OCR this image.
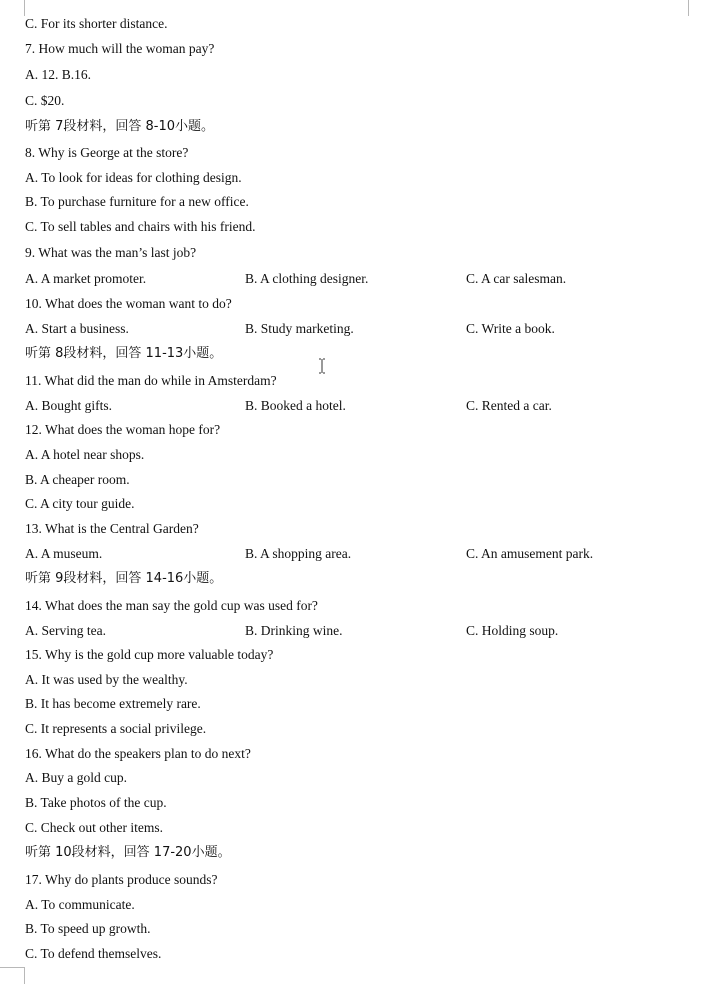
C. For its shorter distance.
7. How much will the woman pay?
A. 12. B.16.
C. $20.
听第 7段材料，回答 8-10小题。
8. Why is George at the store?
A. To look for ideas for clothing design.
B. To purchase furniture for a new office.
C. To sell tables and chairs with his friend.
9. What was the man’s last job?
A. A market promoter.	B. A clothing designer.	C. A car salesman.
10. What does the woman want to do?
A. Start a business.	B. Study marketing.	C. Write a book.
听第 8段材料，回答 11-13小题。
11. What did the man do while in Amsterdam?
A. Bought gifts.	B. Booked a hotel.	C. Rented a car.
12. What does the woman hope for?
A. A hotel near shops.
B. A cheaper room.
C. A city tour guide.
13. What is the Central Garden?
A. A museum.	B. A shopping area.	C. An amusement park.
听第 9段材料，回答 14-16小题。
14. What does the man say the gold cup was used for?
A. Serving tea.	B. Drinking wine.	C. Holding soup.
15. Why is the gold cup more valuable today?
A. It was used by the wealthy.
B. It has become extremely rare.
C. It represents a social privilege.
16. What do the speakers plan to do next?
A. Buy a gold cup.
B. Take photos of the cup.
C. Check out other items.
听第 10段材料，回答 17-20小题。
17. Why do plants produce sounds?
A. To communicate.
B. To speed up growth.
C. To defend themselves.
